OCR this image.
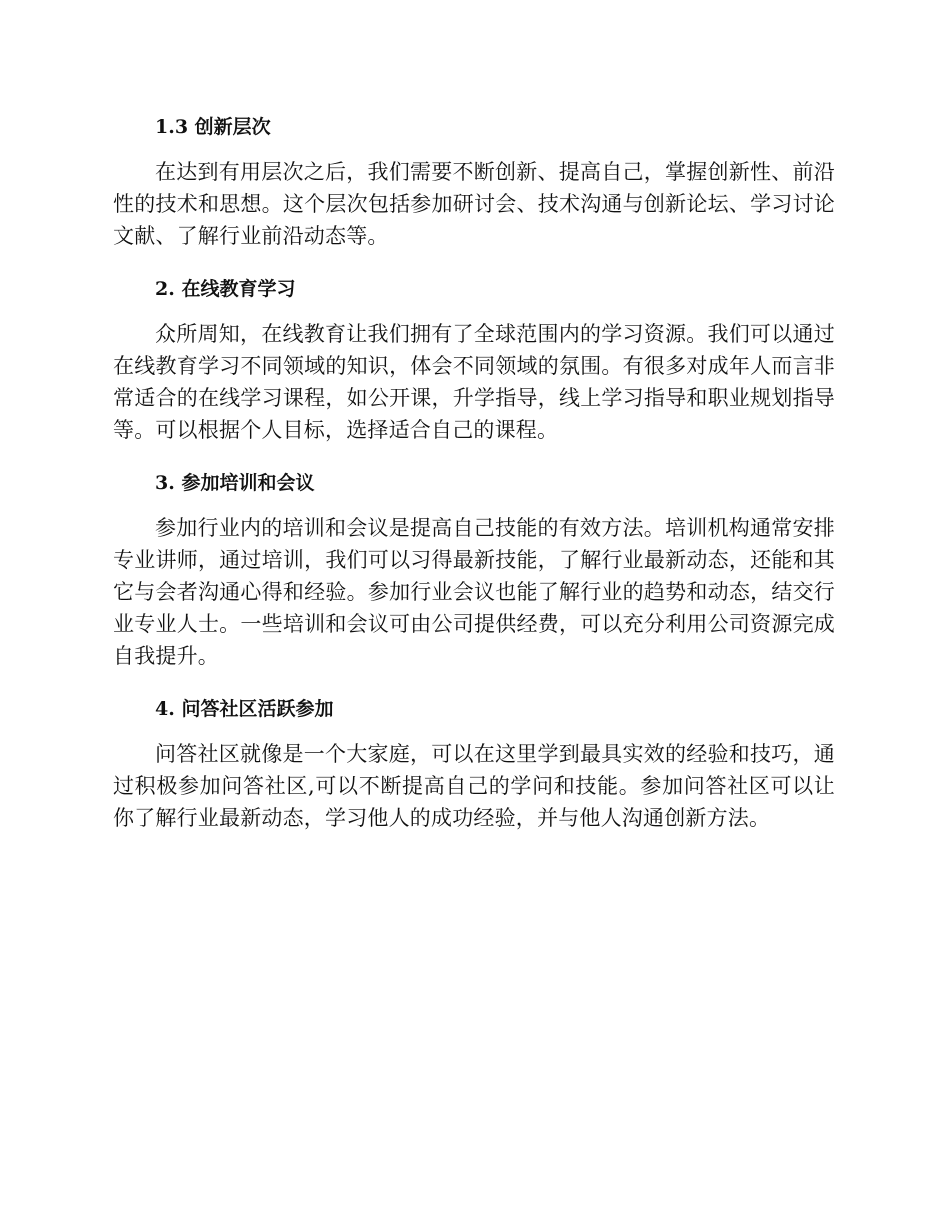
1.3 创新层次

在达到有用层次之后，我们需要不断创新、提高自己，掌握创新性、前沿性的技术和思想。这个层次包括参加研讨会、技术沟通与创新论坛、学习讨论文献、了解行业前沿动态等。

2. 在线教育学习

众所周知，在线教育让我们拥有了全球范围内的学习资源。我们可以通过在线教育学习不同领域的知识，体会不同领域的氛围。有很多对成年人而言非常适合的在线学习课程，如公开课，升学指导，线上学习指导和职业规划指导等。可以根据个人目标，选择适合自己的课程。

3. 参加培训和会议

参加行业内的培训和会议是提高自己技能的有效方法。培训机构通常安排专业讲师，通过培训，我们可以习得最新技能，了解行业最新动态，还能和其它与会者沟通心得和经验。参加行业会议也能了解行业的趋势和动态，结交行业专业人士。一些培训和会议可由公司提供经费，可以充分利用公司资源完成自我提升。

4. 问答社区活跃参加

问答社区就像是一个大家庭，可以在这里学到最具实效的经验和技巧，通过积极参加问答社区,可以不断提高自己的学问和技能。参加问答社区可以让你了解行业最新动态，学习他人的成功经验，并与他人沟通创新方法。
